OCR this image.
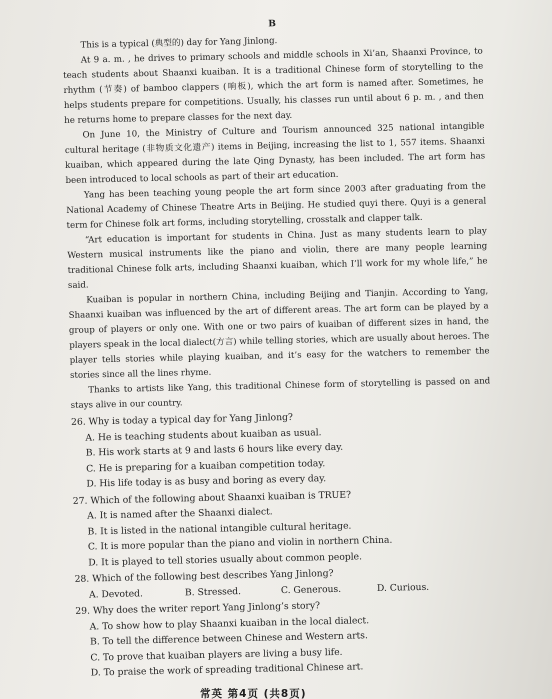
B

This is a typical (典型的) day for Yang Jinlong.

At 9 a. m. , he drives to primary schools and middle schools in Xi’an, Shaanxi Province, to teach students about Shaanxi kuaiban. It is a traditional Chinese form of storytelling to the rhythm (节奏) of bamboo clappers (响板), which the art form is named after. Sometimes, he helps students prepare for competitions. Usually, his classes run until about 6 p. m. , and then he returns home to prepare classes for the next day.

On June 10, the Ministry of Culture and Tourism announced 325 national intangible cultural heritage (非物质文化遗产) items in Beijing, increasing the list to 1, 557 items. Shaanxi kuaiban, which appeared during the late Qing Dynasty, has been included. The art form has been introduced to local schools as part of their art education.

Yang has been teaching young people the art form since 2003 after graduating from the National Academy of Chinese Theatre Arts in Beijing. He studied quyi there. Quyi is a general term for Chinese folk art forms, including storytelling, crosstalk and clapper talk.

“Art education is important for students in China. Just as many students learn to play Western musical instruments like the piano and violin, there are many people learning traditional Chinese folk arts, including Shaanxi kuaiban, which I’ll work for my whole life,” he said.

Kuaiban is popular in northern China, including Beijing and Tianjin. According to Yang, Shaanxi kuaiban was influenced by the art of different areas. The art form can be played by a group of players or only one. With one or two pairs of kuaiban of different sizes in hand, the players speak in the local dialect(方言) while telling stories, which are usually about heroes. The player tells stories while playing kuaiban, and it’s easy for the watchers to remember the stories since all the lines rhyme.

Thanks to artists like Yang, this traditional Chinese form of storytelling is passed on and stays alive in our country.

26. Why is today a typical day for Yang Jinlong?
A. He is teaching students about kuaiban as usual.
B. His work starts at 9 and lasts 6 hours like every day.
C. He is preparing for a kuaiban competition today.
D. His life today is as busy and boring as every day.
27. Which of the following about Shaanxi kuaiban is TRUE?
A. It is named after the Shaanxi dialect.
B. It is listed in the national intangible cultural heritage.
C. It is more popular than the piano and violin in northern China.
D. It is played to tell stories usually about common people.
28. Which of the following best describes Yang Jinlong?
A. Devoted.	B. Stressed.	C. Generous.	D. Curious.
29. Why does the writer report Yang Jinlong’s story?
A. To show how to play Shaanxi kuaiban in the local dialect.
B. To tell the difference between Chinese and Western arts.
C. To prove that kuaiban players are living a busy life.
D. To praise the work of spreading traditional Chinese art.
常英 第4页 (共8页)
